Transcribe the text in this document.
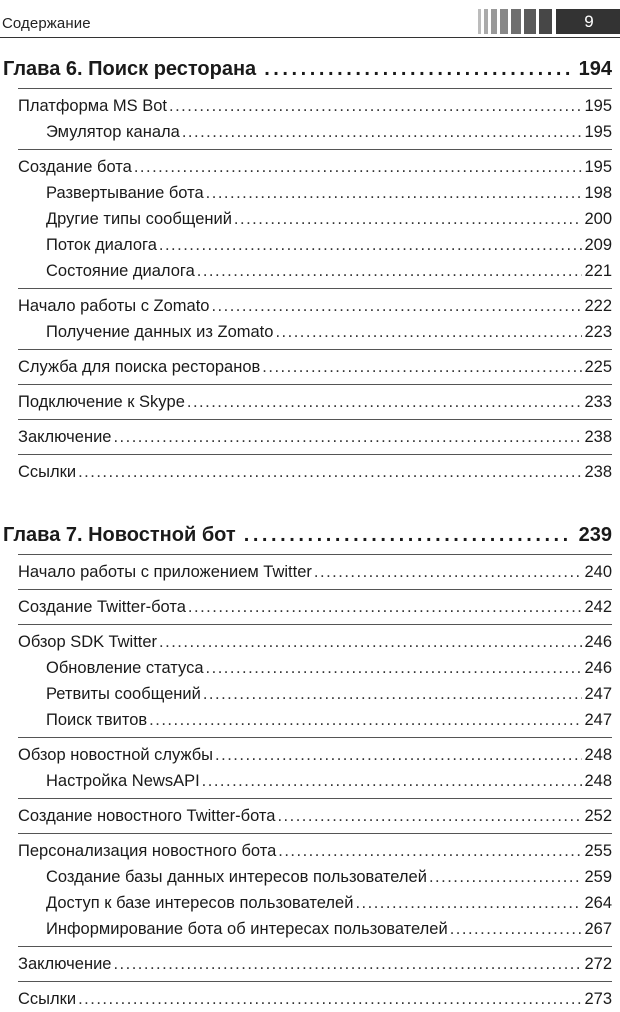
Содержание	9
Глава 6. Поиск ресторана . . .	194
Платформа MS Bot .....	195
Эмулятор канала .....	195
Создание бота .....	195
Развертывание бота .....	198
Другие типы сообщений .....	200
Поток диалога .....	209
Состояние диалога .....	221
Начало работы с Zomato .....	222
Получение данных из Zomato .....	223
Служба для поиска ресторанов .....	225
Подключение к Skype .....	233
Заключение .....	238
Ссылки .....	238
Глава 7. Новостной бот . . .	239
Начало работы с приложением Twitter .....	240
Создание Twitter-бота .....	242
Обзор SDK Twitter .....	246
Обновление статуса .....	246
Ретвиты сообщений .....	247
Поиск твитов .....	247
Обзор новостной службы .....	248
Настройка NewsAPI .....	248
Создание новостного Twitter-бота .....	252
Персонализация новостного бота .....	255
Создание базы данных интересов пользователей .....	259
Доступ к базе интересов пользователей .....	264
Информирование бота об интересах пользователей .....	267
Заключение .....	272
Ссылки .....	273
